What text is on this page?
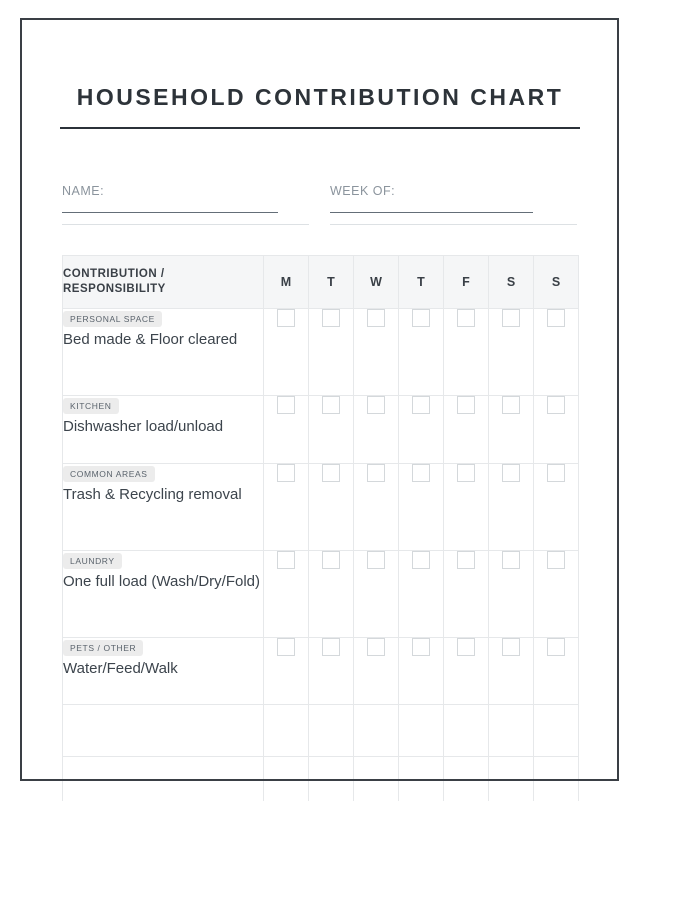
HOUSEHOLD CONTRIBUTION CHART
NAME:	WEEK OF:
CONTRIBUTION / RESPONSIBILITY	M	T	W	T	F	S	S
PERSONAL SPACE
Bed made & Floor cleared							

KITCHEN
Dishwasher load/unload							

COMMON AREAS
Trash & Recycling removal							

LAUNDRY
One full load (Wash/Dry/Fold)							

PETS / OTHER
Water/Feed/Walk							
